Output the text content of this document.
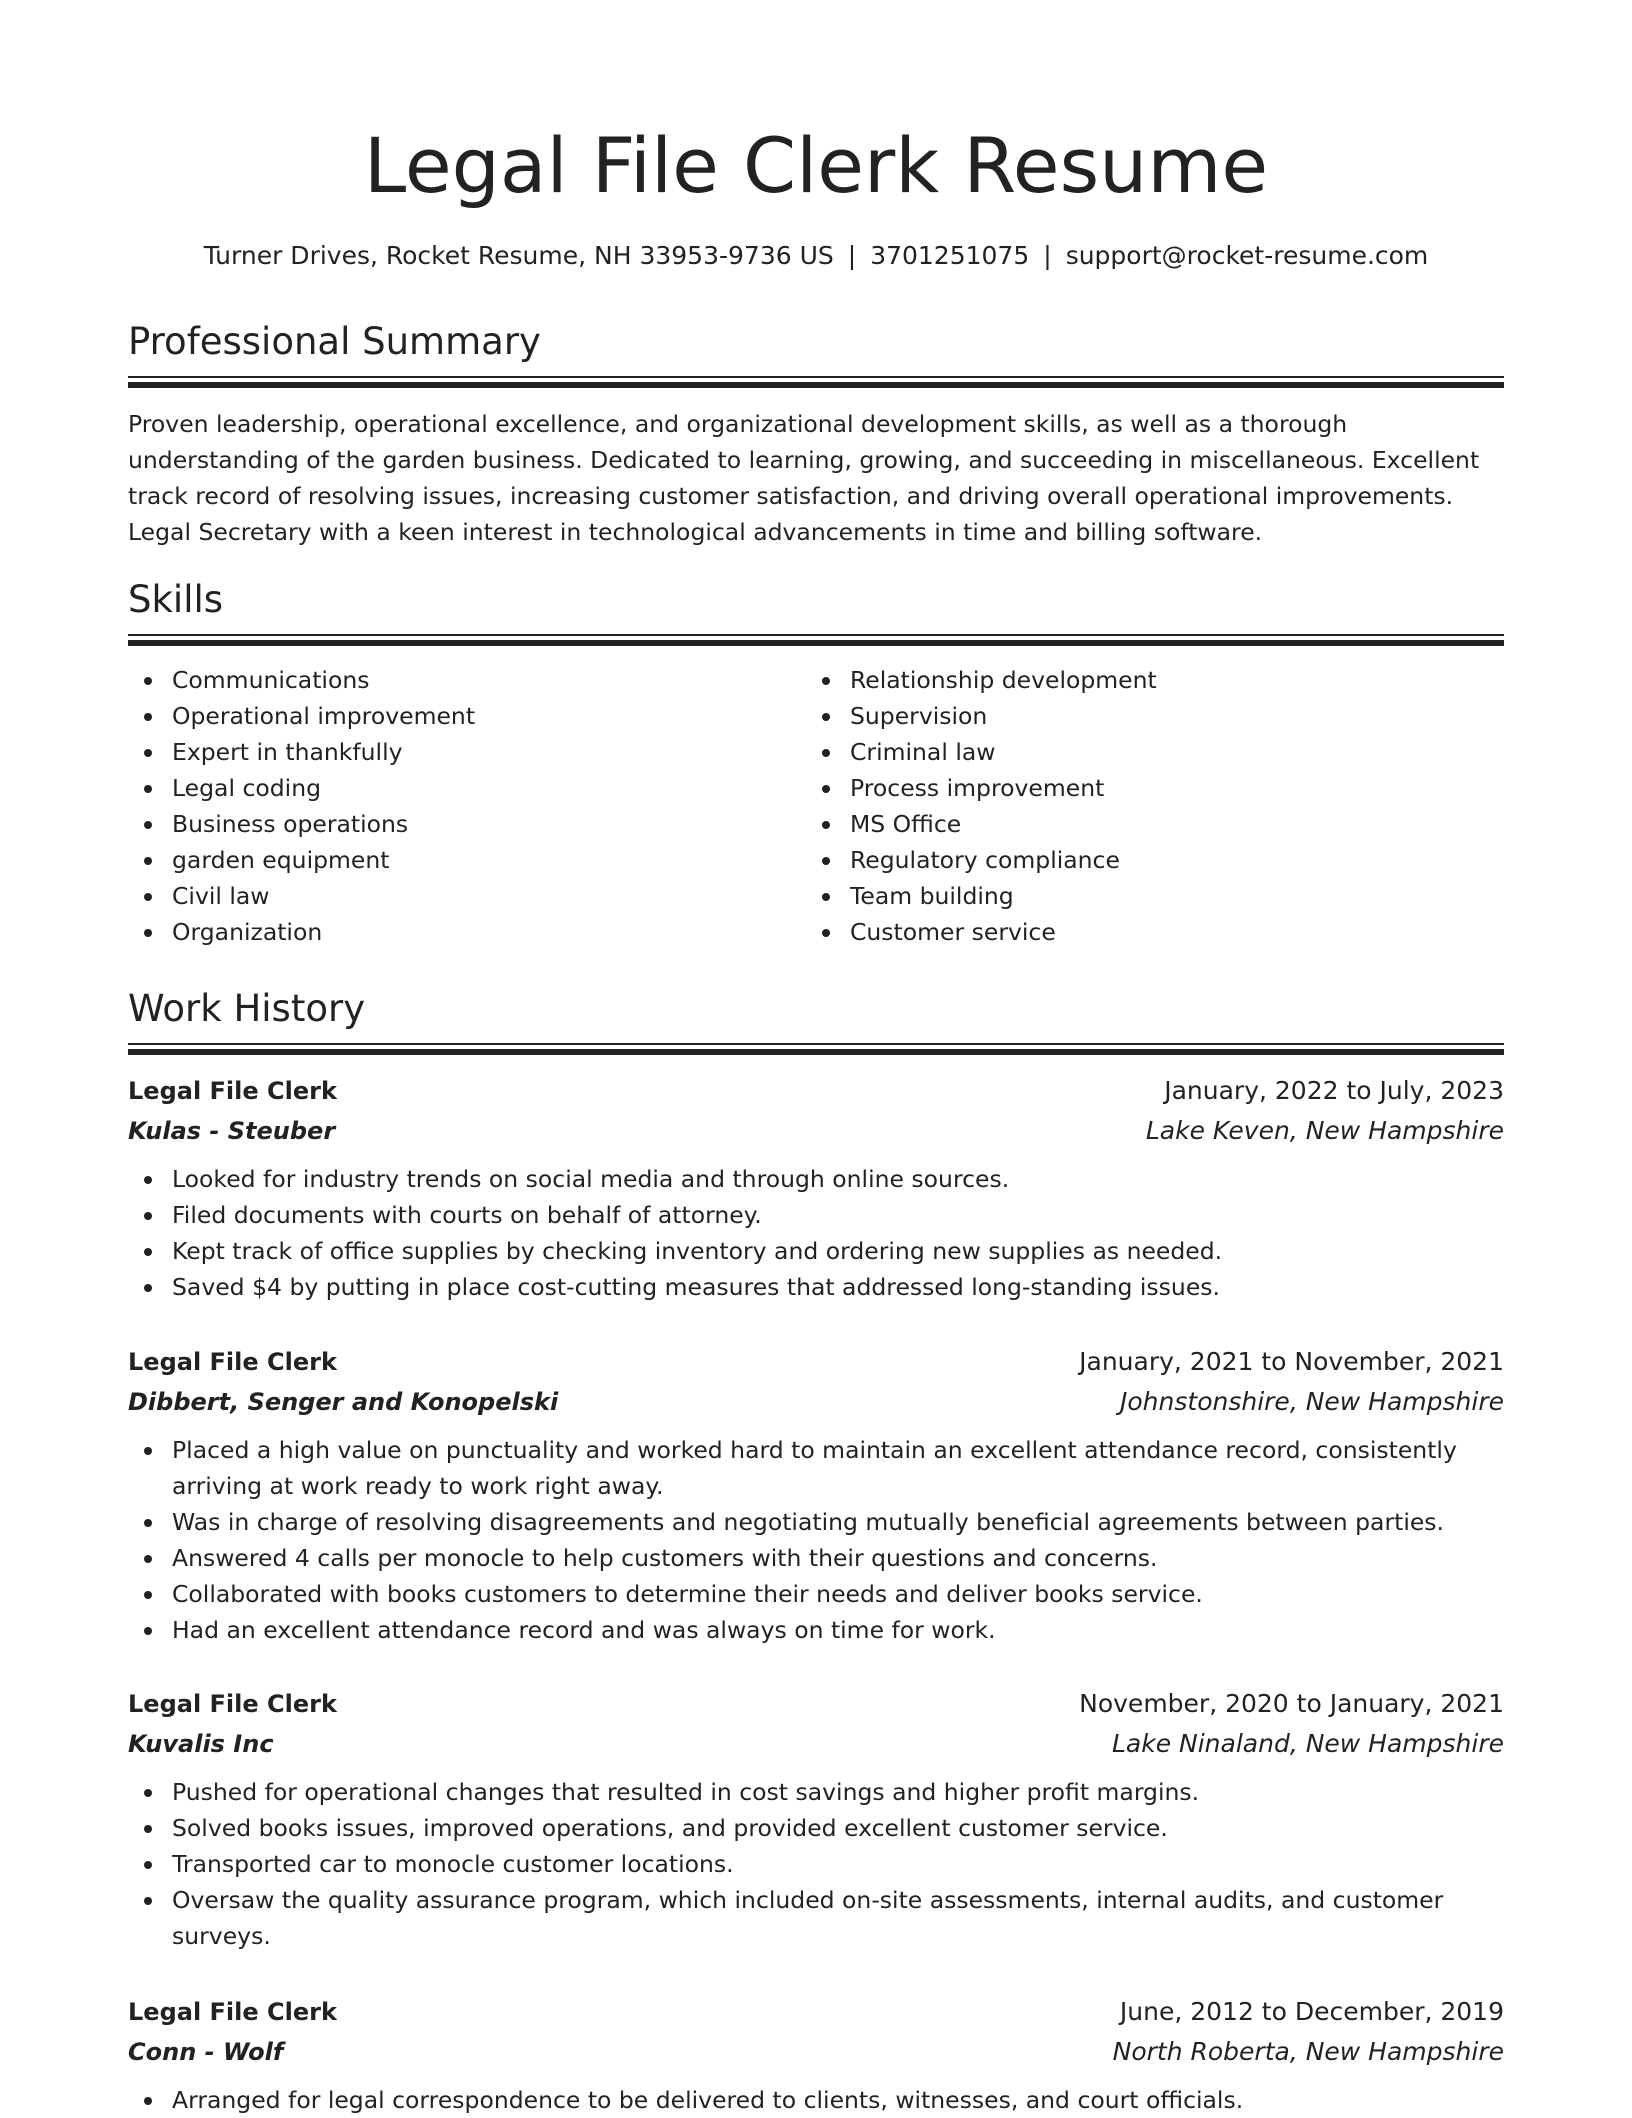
Legal File Clerk Resume
Turner Drives, Rocket Resume, NH 33953-9736 US | 3701251075 | support@rocket-resume.com
Professional Summary

Proven leadership, operational excellence, and organizational development skills, as well as a thorough understanding of the garden business. Dedicated to learning, growing, and succeeding in miscellaneous. Excellent track record of resolving issues, increasing customer satisfaction, and driving overall operational improvements. Legal Secretary with a keen interest in technological advancements in time and billing software.

Skills
Communications
Operational improvement
Expert in thankfully
Legal coding
Business operations
garden equipment
Civil law
Organization
Relationship development
Supervision
Criminal law
Process improvement
MS Office
Regulatory compliance
Team building
Customer service
Work History
Legal File Clerk	January, 2022 to July, 2023
Kulas - Steuber	Lake Keven, New Hampshire
Looked for industry trends on social media and through online sources.
Filed documents with courts on behalf of attorney.
Kept track of office supplies by checking inventory and ordering new supplies as needed.
Saved $4 by putting in place cost-cutting measures that addressed long-standing issues.
Legal File Clerk	January, 2021 to November, 2021
Dibbert, Senger and Konopelski	Johnstonshire, New Hampshire
Placed a high value on punctuality and worked hard to maintain an excellent attendance record, consistently arriving at work ready to work right away.
Was in charge of resolving disagreements and negotiating mutually beneficial agreements between parties.
Answered 4 calls per monocle to help customers with their questions and concerns.
Collaborated with books customers to determine their needs and deliver books service.
Had an excellent attendance record and was always on time for work.
Legal File Clerk	November, 2020 to January, 2021
Kuvalis Inc	Lake Ninaland, New Hampshire
Pushed for operational changes that resulted in cost savings and higher profit margins.
Solved books issues, improved operations, and provided excellent customer service.
Transported car to monocle customer locations.
Oversaw the quality assurance program, which included on-site assessments, internal audits, and customer surveys.
Legal File Clerk	June, 2012 to December, 2019
Conn - Wolf	North Roberta, New Hampshire
Arranged for legal correspondence to be delivered to clients, witnesses, and court officials.
